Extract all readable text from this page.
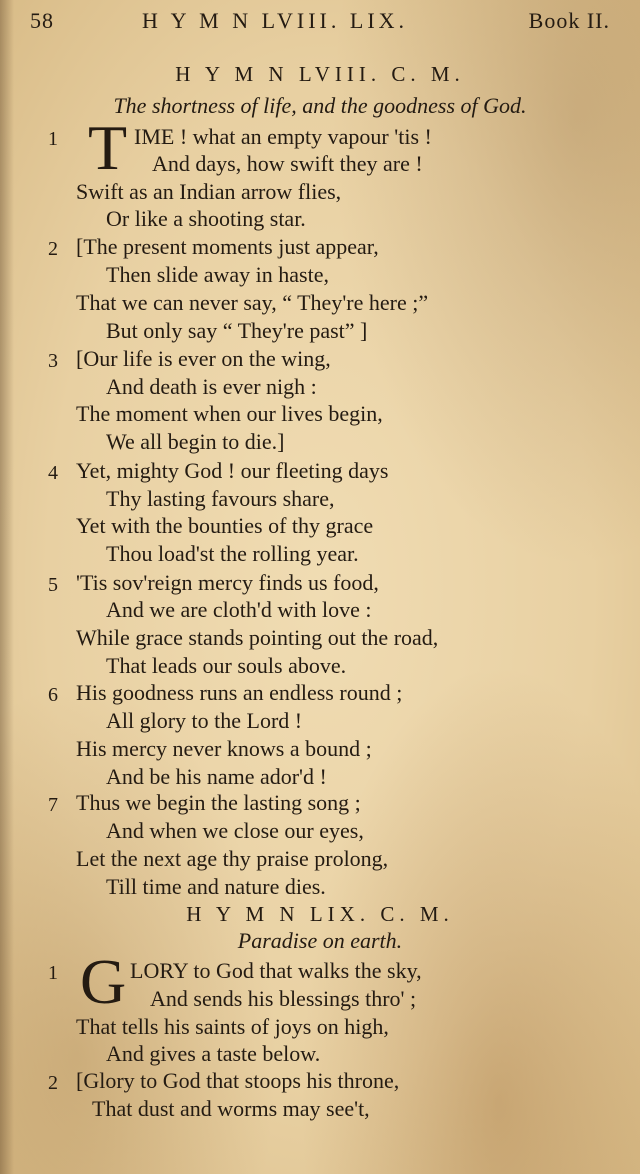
58	H Y M N LVIII. LIX.	Book II.
H Y M N LVIII. C. M.
The shortness of life, and the goodness of God.
T
1
2
3
4
5
6
7
IME ! what an empty vapour 'tis !
And days, how swift they are !
Swift as an Indian arrow flies,
Or like a shooting star.
[The present moments just appear,
Then slide away in haste,
That we can never say, “ They're here ;”
But only say “ They're past” ]
[Our life is ever on the wing,
And death is ever nigh :
The moment when our lives begin,
We all begin to die.]
Yet, mighty God ! our fleeting days
Thy lasting favours share,
Yet with the bounties of thy grace
Thou load'st the rolling year.
'Tis sov'reign mercy finds us food,
And we are cloth'd with love :
While grace stands pointing out the road,
That leads our souls above.
His goodness runs an endless round ;
All glory to the Lord !
His mercy never knows a bound ;
And be his name ador'd !
Thus we begin the lasting song ;
And when we close our eyes,
Let the next age thy praise prolong,
Till time and nature dies.
H Y M N LIX. C. M.
Paradise on earth.
G
1
2
LORY to God that walks the sky,
And sends his blessings thro' ;
That tells his saints of joys on high,
And gives a taste below.
[Glory to God that stoops his throne,
That dust and worms may see't,
